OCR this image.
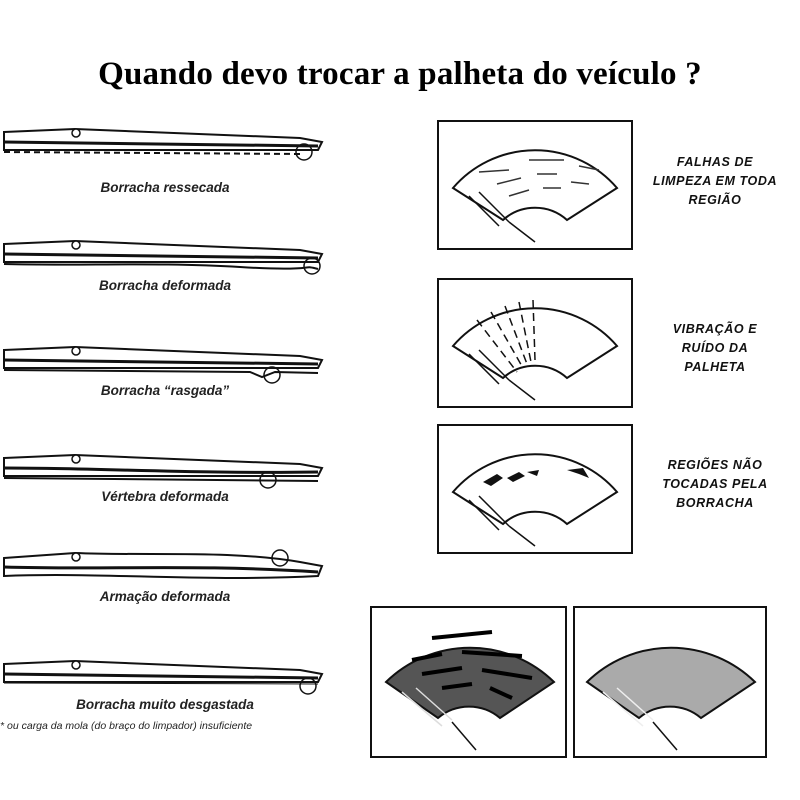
Quando devo trocar a palheta do veículo ?
Borracha ressecada
Borracha deformada
Borracha “rasgada”
Vértebra deformada
Armação deformada
Borracha muito desgastada
* ou carga da mola (do braço do limpador) insuficiente
FALHAS DE
LIMPEZA EM TODA
REGIÃO
VIBRAÇÃO E
RUÍDO DA
PALHETA
REGIÕES NÃO
TOCADAS PELA
BORRACHA
